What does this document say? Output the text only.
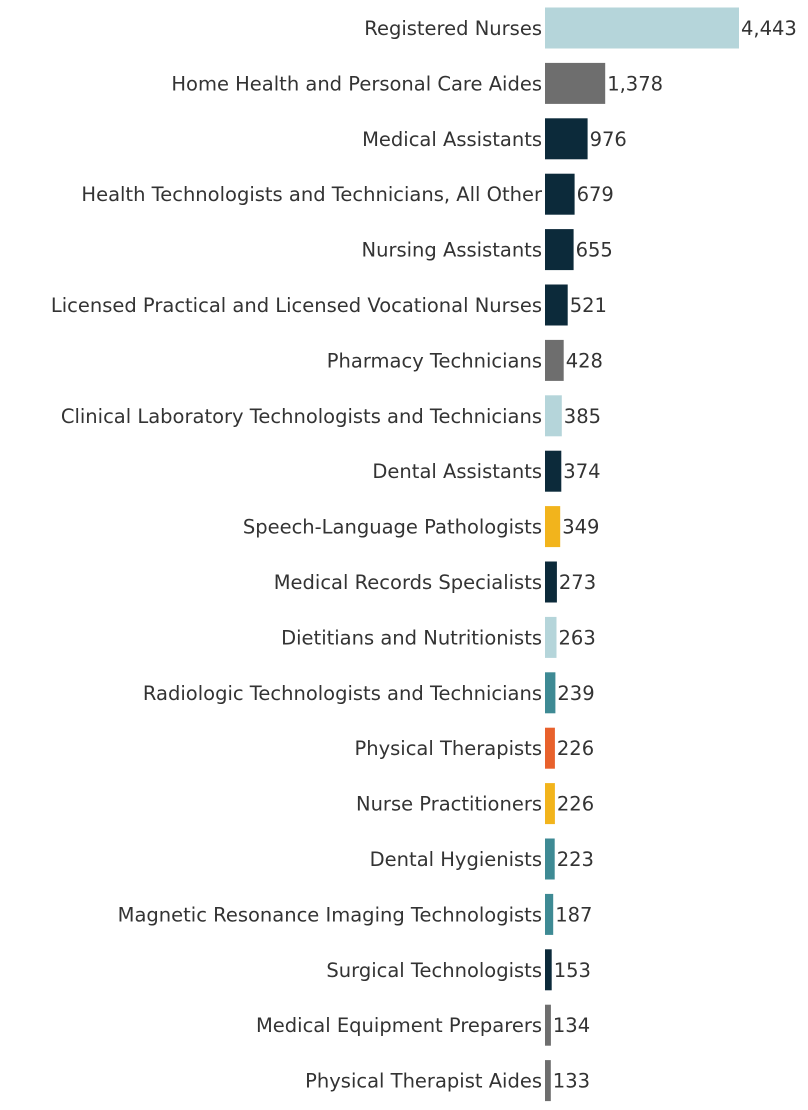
Registered Nurses
Home Health and Personal Care Aides
Medical Assistants
Health Technologists and Technicians, All Other
Nursing Assistants
Licensed Practical and Licensed Vocational Nurses
Pharmacy Technicians
Clinical Laboratory Technologists and Technicians
Dental Assistants
Speech-Language Pathologists
Medical Records Specialists
Dietitians and Nutritionists
Radiologic Technologists and Technicians
Physical Therapists
Nurse Practitioners
Dental Hygienists
Magnetic Resonance Imaging Technologists
Surgical Technologists
Medical Equipment Preparers
Physical Therapist Aides
4,443
1,378
976
679
655
521
428
385
374
349
273
263
239
226
226
223
187
153
134
133
